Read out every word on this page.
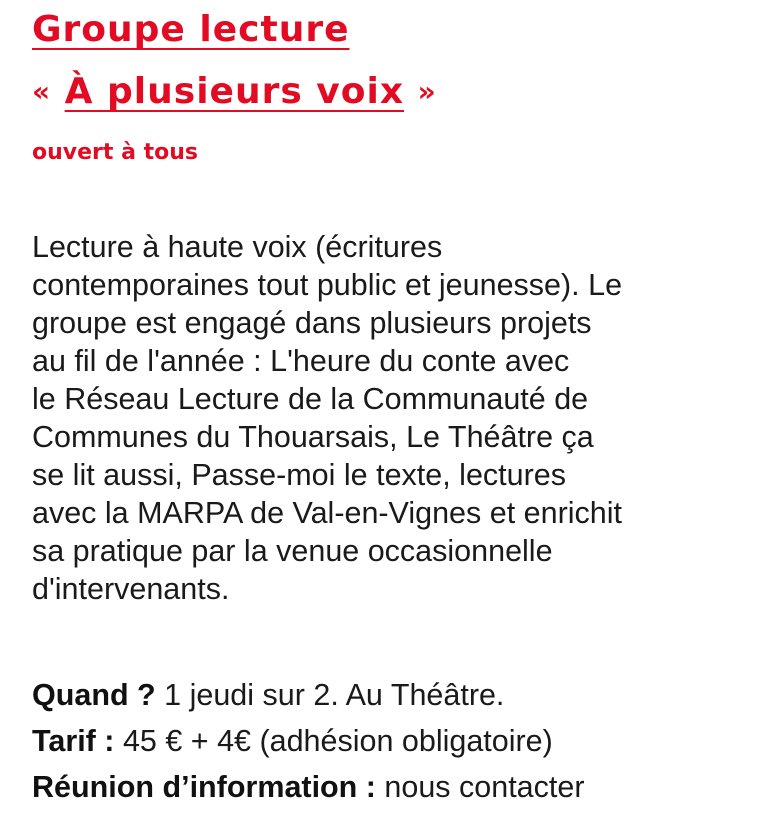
Groupe lecture
« À plusieurs voix »

ouvert à tous

Lecture à haute voix (écritures
contemporaines tout public et jeunesse). Le
groupe est engagé dans plusieurs projets
au fil de l'année : L'heure du conte avec
le Réseau Lecture de la Communauté de
Communes du Thouarsais, Le Théâtre ça
se lit aussi, Passe-moi le texte, lectures
avec la MARPA de Val-en-Vignes et enrichit
sa pratique par la venue occasionnelle
d'intervenants.

Quand ? 1 jeudi sur 2. Au Théâtre.

Tarif : 45 € + 4€ (adhésion obligatoire)

Réunion d’information : nous contacter
